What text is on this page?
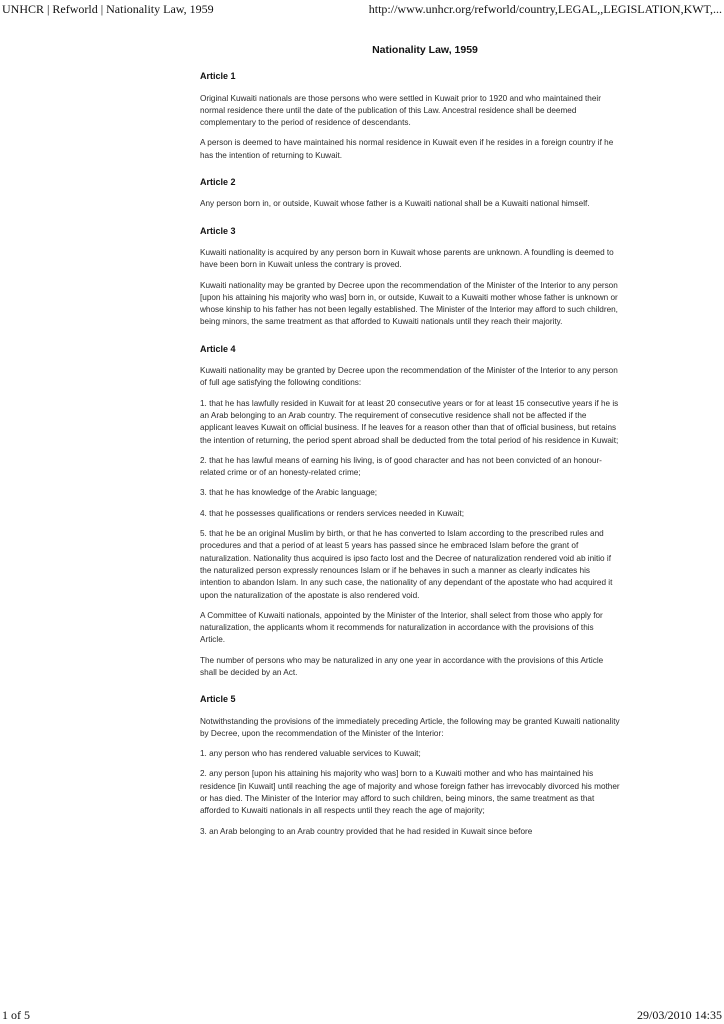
UNHCR | Refworld | Nationality Law, 1959	http://www.unhcr.org/refworld/country,LEGAL,,LEGISLATION,KWT,...
Nationality Law, 1959
Article 1

Original Kuwaiti nationals are those persons who were settled in Kuwait prior to 1920 and who maintained their normal residence there until the date of the publication of this Law. Ancestral residence shall be deemed complementary to the period of residence of descendants.

A person is deemed to have maintained his normal residence in Kuwait even if he resides in a foreign country if he has the intention of returning to Kuwait.

Article 2

Any person born in, or outside, Kuwait whose father is a Kuwaiti national shall be a Kuwaiti national himself.

Article 3

Kuwaiti nationality is acquired by any person born in Kuwait whose parents are unknown. A foundling is deemed to have been born in Kuwait unless the contrary is proved.

Kuwaiti nationality may be granted by Decree upon the recommendation of the Minister of the Interior to any person [upon his attaining his majority who was] born in, or outside, Kuwait to a Kuwaiti mother whose father is unknown or whose kinship to his father has not been legally established. The Minister of the Interior may afford to such children, being minors, the same treatment as that afforded to Kuwaiti nationals until they reach their majority.

Article 4

Kuwaiti nationality may be granted by Decree upon the recommendation of the Minister of the Interior to any person of full age satisfying the following conditions:

1. that he has lawfully resided in Kuwait for at least 20 consecutive years or for at least 15 consecutive years if he is an Arab belonging to an Arab country. The requirement of consecutive residence shall not be affected if the applicant leaves Kuwait on official business. If he leaves for a reason other than that of official business, but retains the intention of returning, the period spent abroad shall be deducted from the total period of his residence in Kuwait;

2. that he has lawful means of earning his living, is of good character and has not been convicted of an honour-related crime or of an honesty-related crime;

3. that he has knowledge of the Arabic language;

4. that he possesses qualifications or renders services needed in Kuwait;

5. that he be an original Muslim by birth, or that he has converted to Islam according to the prescribed rules and procedures and that a period of at least 5 years has passed since he embraced Islam before the grant of naturalization. Nationality thus acquired is ipso facto lost and the Decree of naturalization rendered void ab initio if the naturalized person expressly renounces Islam or if he behaves in such a manner as clearly indicates his intention to abandon Islam. In any such case, the nationality of any dependant of the apostate who had acquired it upon the naturalization of the apostate is also rendered void.

A Committee of Kuwaiti nationals, appointed by the Minister of the Interior, shall select from those who apply for naturalization, the applicants whom it recommends for naturalization in accordance with the provisions of this Article.

The number of persons who may be naturalized in any one year in accordance with the provisions of this Article shall be decided by an Act.

Article 5

Notwithstanding the provisions of the immediately preceding Article, the following may be granted Kuwaiti nationality by Decree, upon the recommendation of the Minister of the Interior:

1. any person who has rendered valuable services to Kuwait;

2. any person [upon his attaining his majority who was] born to a Kuwaiti mother and who has maintained his residence [in Kuwait] until reaching the age of majority and whose foreign father has irrevocably divorced his mother or has died. The Minister of the Interior may afford to such children, being minors, the same treatment as that afforded to Kuwaiti nationals in all respects until they reach the age of majority;

3. an Arab belonging to an Arab country provided that he had resided in Kuwait since before

1 of 5	29/03/2010 14:35
